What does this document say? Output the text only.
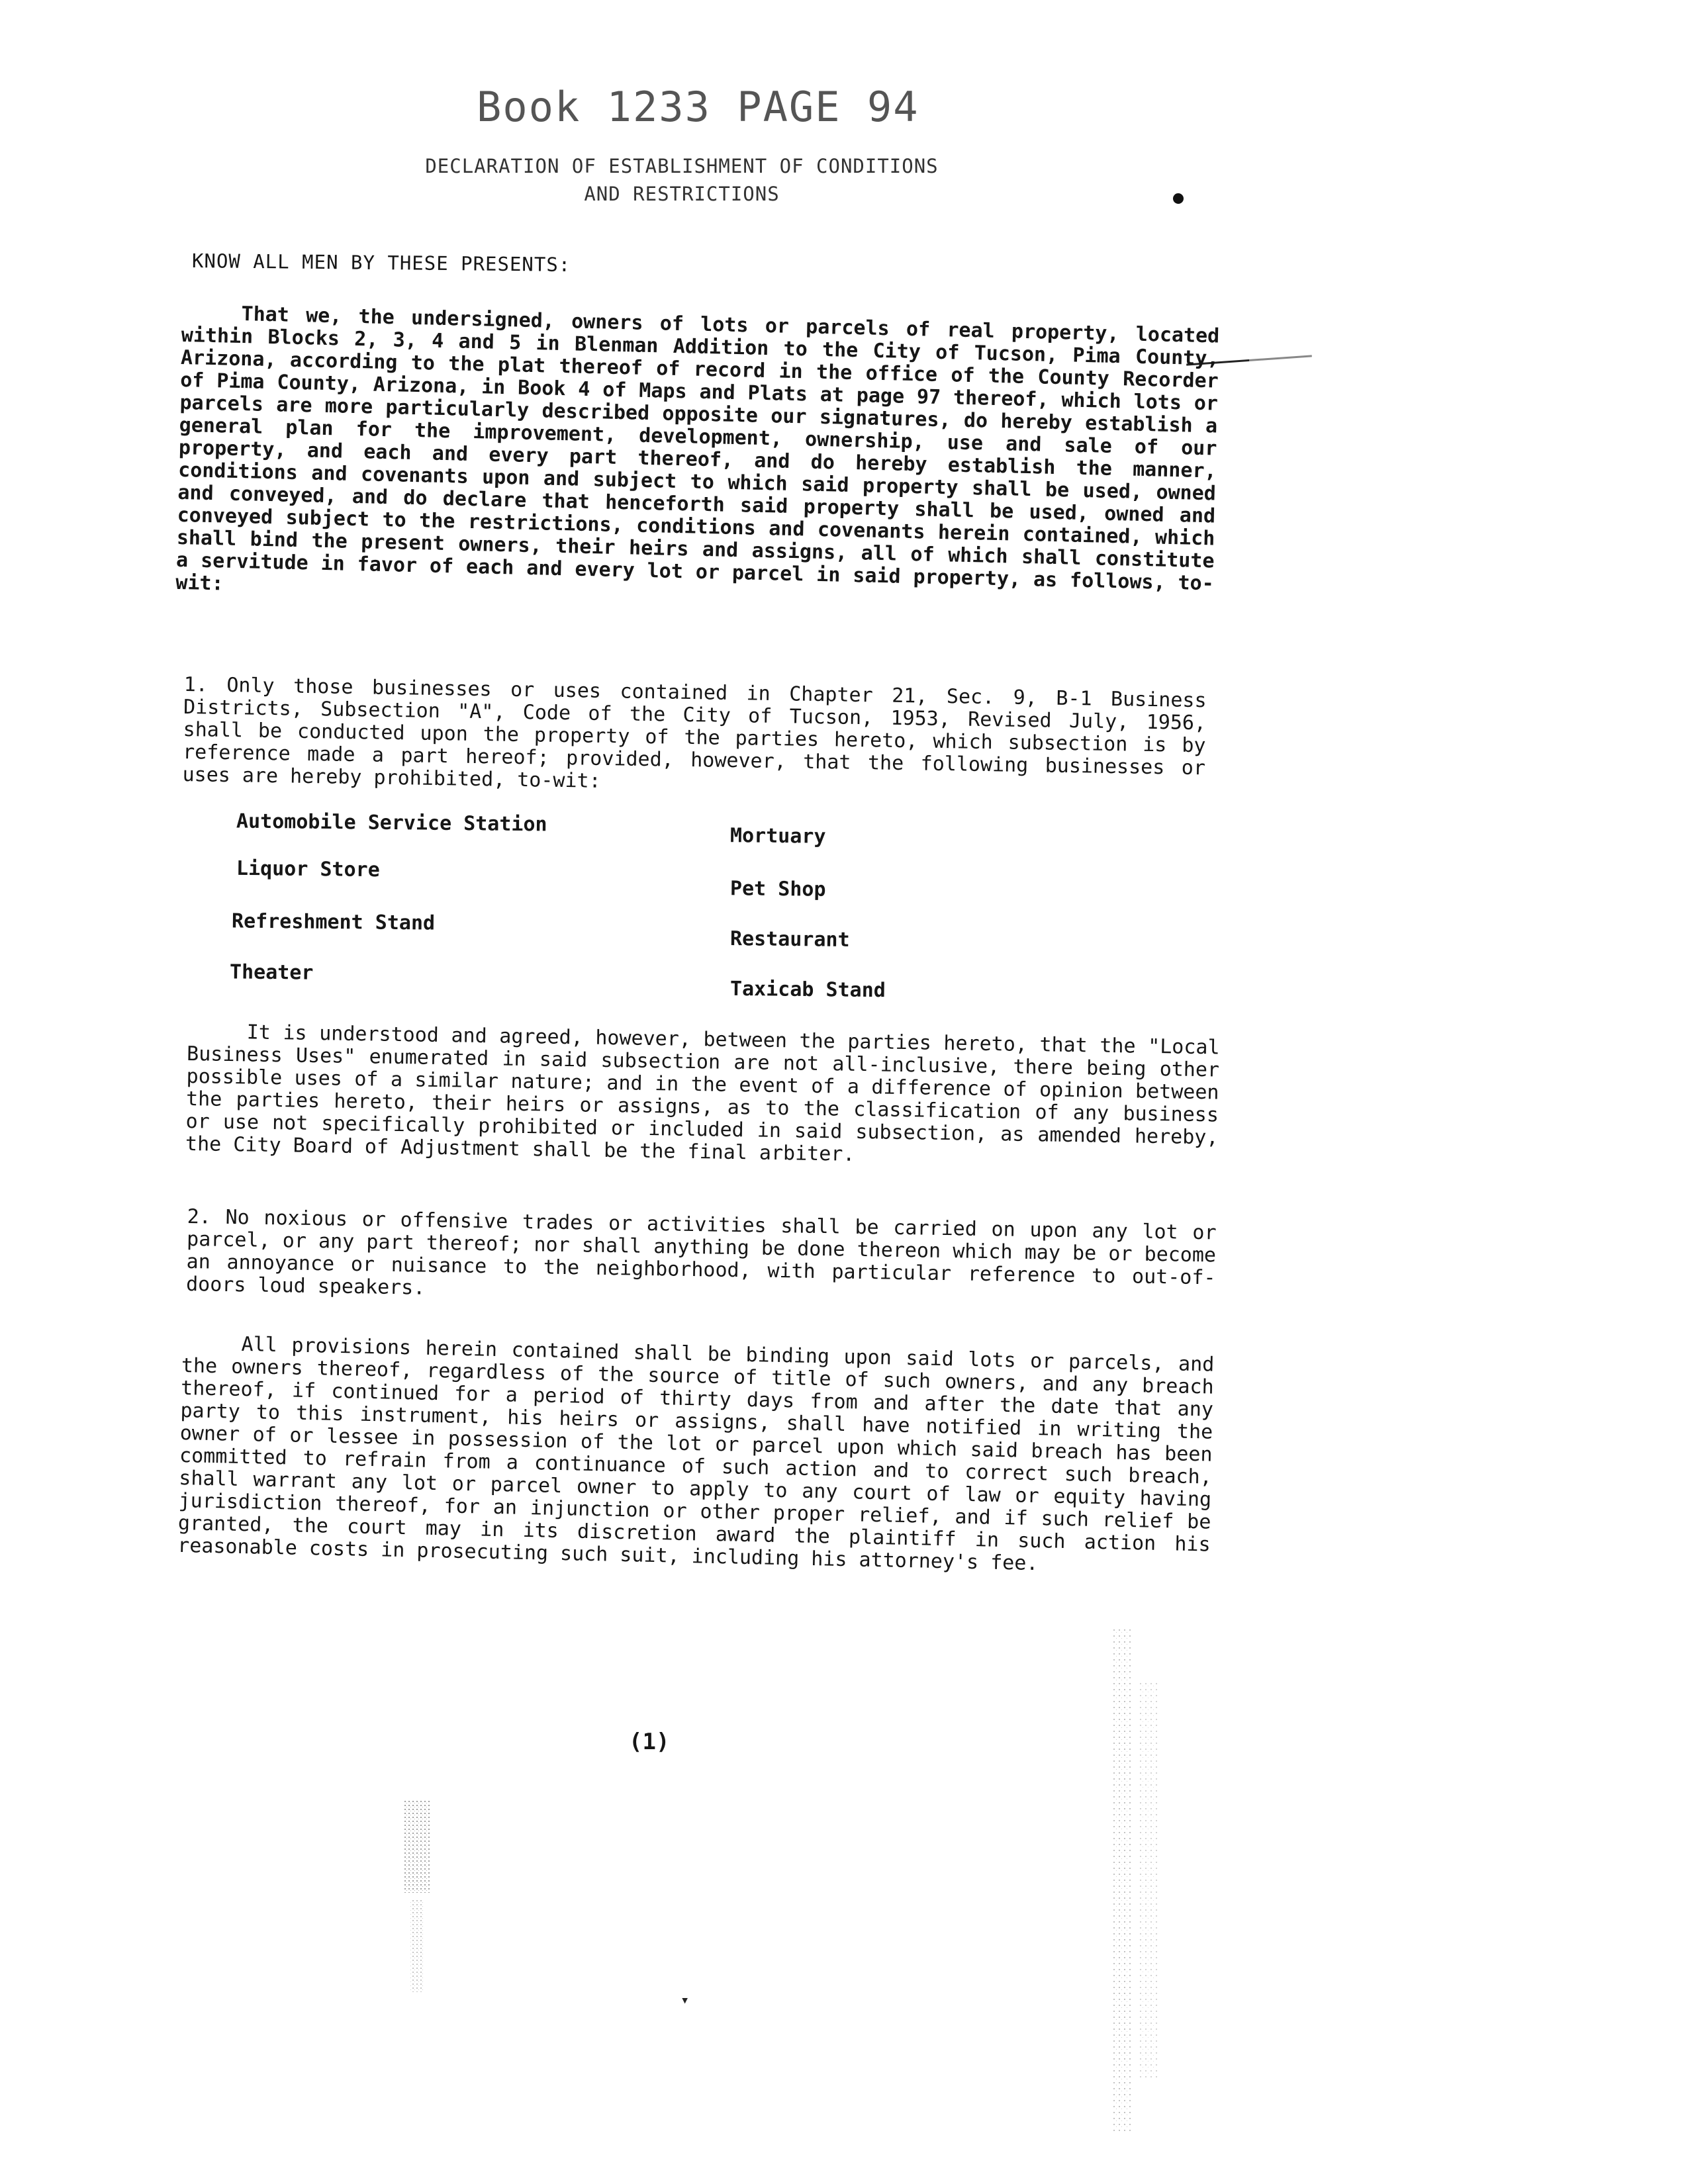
Book 1233 PAGE 94
DECLARATION OF ESTABLISHMENT OF CONDITIONS
AND RESTRICTIONS
KNOW ALL MEN BY THESE PRESENTS:
That we, the undersigned, owners of lots or parcels of real property, located within Blocks 2, 3, 4 and 5 in Blenman Addition to the City of Tucson, Pima County, Arizona, according to the plat thereof of record in the office of the County Recorder of Pima County, Arizona, in Book 4 of Maps and Plats at page 97 thereof, which lots or parcels are more particularly described opposite our signatures, do hereby establish a general plan for the improvement, development, ownership, use and sale of our property, and each and every part thereof, and do hereby establish the manner, conditions and covenants upon and subject to which said property shall be used, owned and conveyed, and do declare that henceforth said property shall be used, owned and conveyed subject to the restrictions, conditions and covenants herein contained, which shall bind the present owners, their heirs and assigns, all of which shall constitute a servitude in favor of each and every lot or parcel in said property, as follows, to-wit:
1. Only those businesses or uses contained in Chapter 21, Sec. 9, B-1 Business Districts, Subsection "A", Code of the City of Tucson, 1953, Revised July, 1956, shall be conducted upon the property of the parties hereto, which subsection is by reference made a part hereof; provided, however, that the following businesses or uses are hereby prohibited, to-wit:
Automobile Service Station
Liquor Store
Refreshment Stand
Theater
Mortuary
Pet Shop
Restaurant
Taxicab Stand
It is understood and agreed, however, between the parties hereto, that the "Local Business Uses" enumerated in said subsection are not all-inclusive, there being other possible uses of a similar nature; and in the event of a difference of opinion between the parties hereto, their heirs or assigns, as to the classification of any business or use not specifically prohibited or included in said subsection, as amended hereby, the City Board of Adjustment shall be the final arbiter.
2. No noxious or offensive trades or activities shall be carried on upon any lot or parcel, or any part thereof; nor shall anything be done thereon which may be or become an annoyance or nuisance to the neighborhood, with particular reference to out-of-doors loud speakers.
All provisions herein contained shall be binding upon said lots or parcels, and the owners thereof, regardless of the source of title of such owners, and any breach thereof, if continued for a period of thirty days from and after the date that any party to this instrument, his heirs or assigns, shall have notified in writing the owner of or lessee in possession of the lot or parcel upon which said breach has been committed to refrain from a continuance of such action and to correct such breach, shall warrant any lot or parcel owner to apply to any court of law or equity having jurisdiction thereof, for an injunction or other proper relief, and if such relief be granted, the court may in its discretion award the plaintiff in such action his reasonable costs in prosecuting such suit, including his attorney's fee.
(1)
▾
